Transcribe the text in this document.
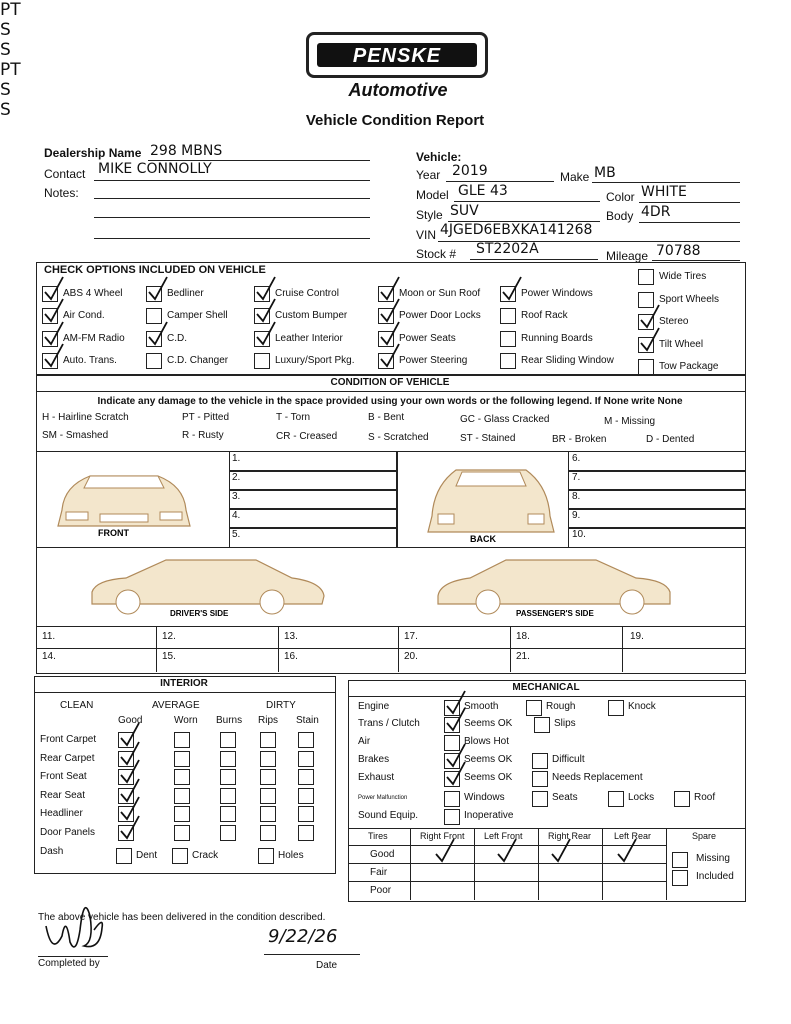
PENSKE
Automotive
Vehicle Condition Report
Dealership Name 298 MBNS
Contact MIKE CONNOLLY
Notes:
Vehicle:
Year 2019	Make MB
Model GLE 43	Color WHITE
Style SUV	Body 4DR
VIN 4JGED6EBXKA141268
Stock # ST2202A	Mileage 70788
CHECK OPTIONS INCLUDED ON VEHICLE
CONDITION OF VEHICLE
Indicate any damage to the vehicle in the space provided using your own words or the following legend. If None write None
FRONT
BACK
DRIVER'S SIDE	PASSENGER'S SIDE
INTERIOR
CLEAN	AVERAGE	DIRTY
MECHANICAL
The above vehicle has been delivered in the condition described.
Completed by
9/22/26
Date
ABS 4 Wheel
Air Cond.
AM-FM Radio
Auto. Trans.
Bedliner
Camper Shell
C.D.
C.D. Changer
Cruise Control
Custom Bumper
Leather Interior
Luxury/Sport Pkg.
Moon or Sun Roof
Power Door Locks
Power Seats
Power Steering
Power Windows
Roof Rack
Running Boards
Rear Sliding Window
Wide Tires
Sport Wheels
Stereo
Tilt Wheel
Tow Package
H - Hairline Scratch	PT - Pitted	T - Torn	B - Bent	GC - Glass Cracked	M - Missing
SM - Smashed	R - Rusty	CR - Creased	S - Scratched	ST - Stained	BR - Broken	D - Dented
1.
2.
PT
3.
4.
S
5.
6.
7.
8.
S
9.
10.
11.	12.
PT
13.
14.	15.	16.
17.	18.
S
19.
20.	21.
S
Good	Worn Burns Rips Stain
Front Carpet
Rear Carpet
Front Seat
Rear Seat
Headliner
Door Panels
Dash	Dent	Crack	Holes
Engine	Smooth	Rough	Knock
Trans / Clutch	Seems OK	Slips
Air	Blows Hot
Brakes	Seems OK	Difficult
Exhaust	Seems OK	Needs Replacement
Power Malfunction	Windows	Seats	Locks	Roof
Sound Equip.	Inoperative
Tires	Right Front Left Front	Right Rear	Left Rear	Spare
Good
Fair
Poor
Missing
Included
